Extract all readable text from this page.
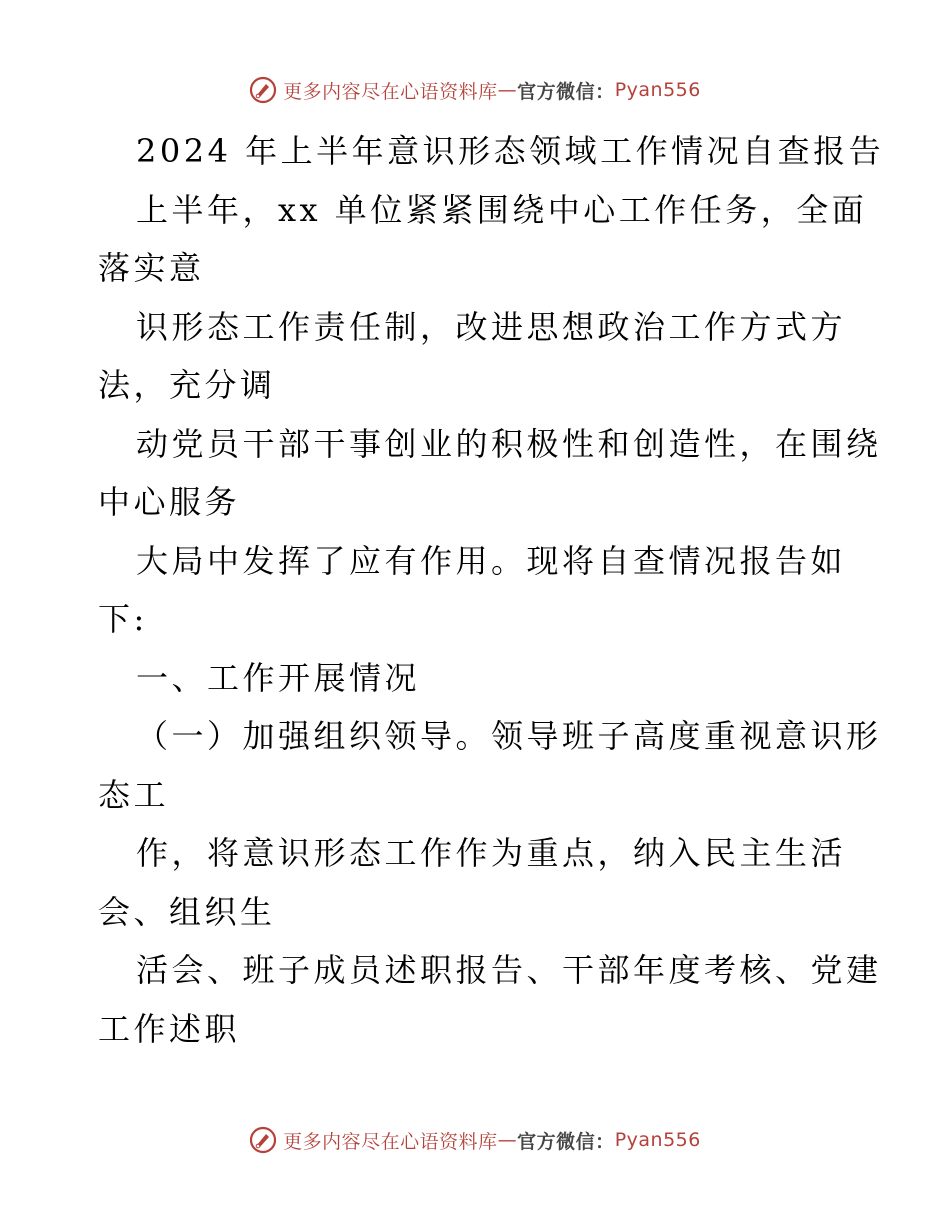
更多内容尽在心语资料库 — 官方微信： Pyan556
2024 年上半年意识形态领域工作情况自查报告
上半年，xx 单位紧紧围绕中心工作任务，全面
落实意
识形态工作责任制，改进思想政治工作方式方
法，充分调
动党员干部干事创业的积极性和创造性，在围绕
中心服务
大局中发挥了应有作用。现将自查情况报告如
下:
一、工作开展情况
（一）加强组织领导。领导班子高度重视意识形
态工
作，将意识形态工作作为重点，纳入民主生活
会、组织生
活会、班子成员述职报告、干部年度考核、党建
工作述职
更多内容尽在心语资料库 — 官方微信： Pyan556
